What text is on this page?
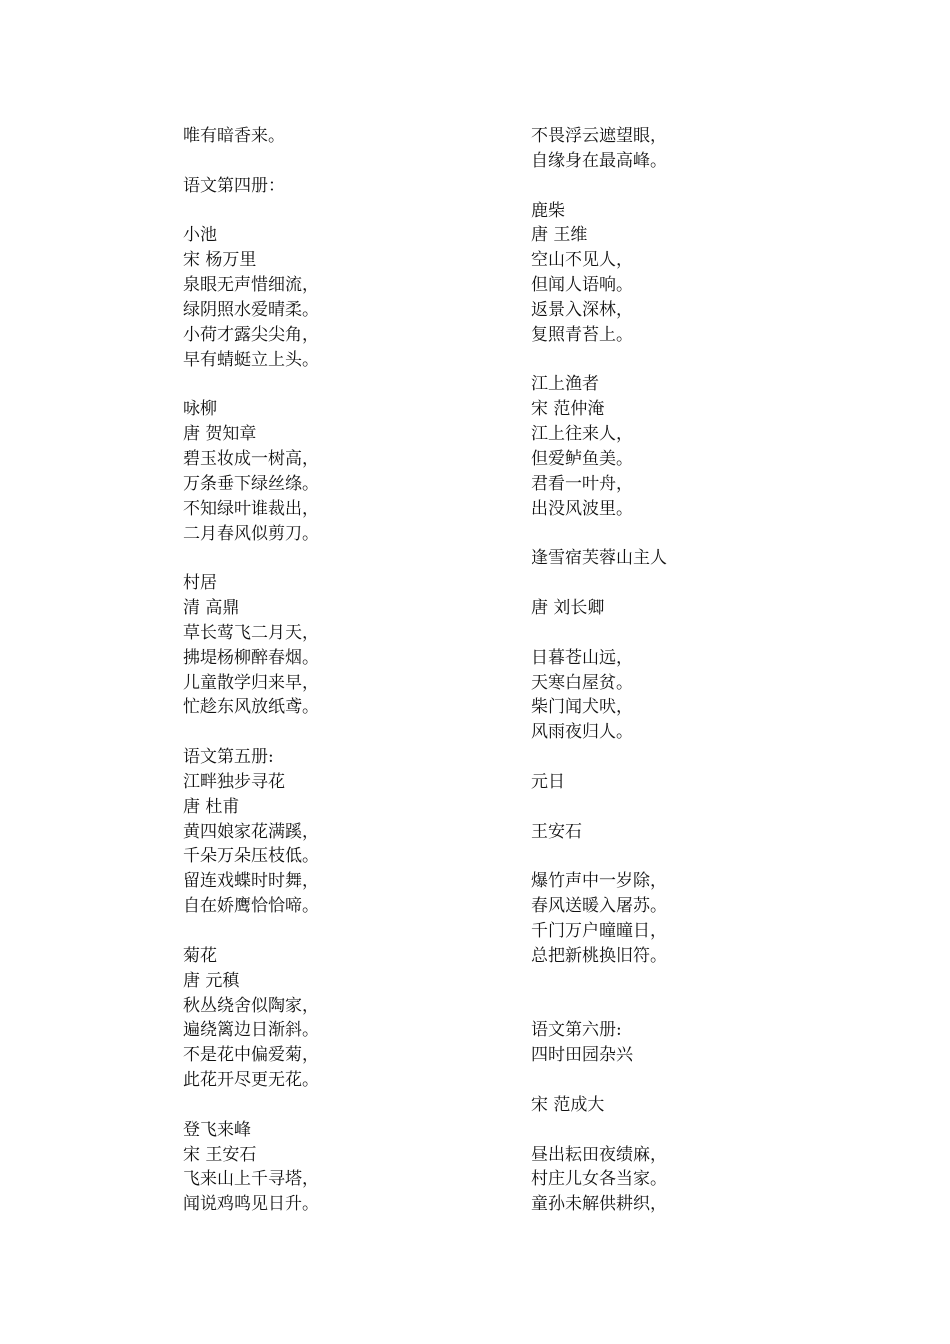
唯有暗香来。
语文第四册：
小池
宋 杨万里
泉眼无声惜细流，
绿阴照水爱晴柔。
小荷才露尖尖角，
早有蜻蜓立上头。
咏柳
唐 贺知章
碧玉妆成一树高，
万条垂下绿丝绦。
不知绿叶谁裁出，
二月春风似剪刀。
村居
清 高鼎
草长莺飞二月天，
拂堤杨柳醉春烟。
儿童散学归来早，
忙趁东风放纸鸢。
语文第五册:
江畔独步寻花
唐 杜甫
黄四娘家花满蹊，
千朵万朵压枝低。
留连戏蝶时时舞，
自在娇鹰恰恰啼。
菊花
唐 元稹
秋丛绕舍似陶家，
遍绕篱边日渐斜。
不是花中偏爱菊，
此花开尽更无花。
登飞来峰
宋 王安石
飞来山上千寻塔，
闻说鸡鸣见日升。
不畏浮云遮望眼，
自缘身在最高峰。
鹿柴
唐 王维
空山不见人，
但闻人语响。
返景入深林，
复照青苔上。
江上渔者
宋 范仲淹
江上往来人，
但爱鲈鱼美。
君看一叶舟，
出没风波里。
逢雪宿芙蓉山主人
唐 刘长卿
日暮苍山远，
天寒白屋贫。
柴门闻犬吠，
风雨夜归人。
元日
王安石
爆竹声中一岁除，
春风送暖入屠苏。
千门万户曈曈日，
总把新桃换旧符。
语文第六册:
四时田园杂兴
宋 范成大
昼出耘田夜绩麻，
村庄儿女各当家。
童孙未解供耕织，
